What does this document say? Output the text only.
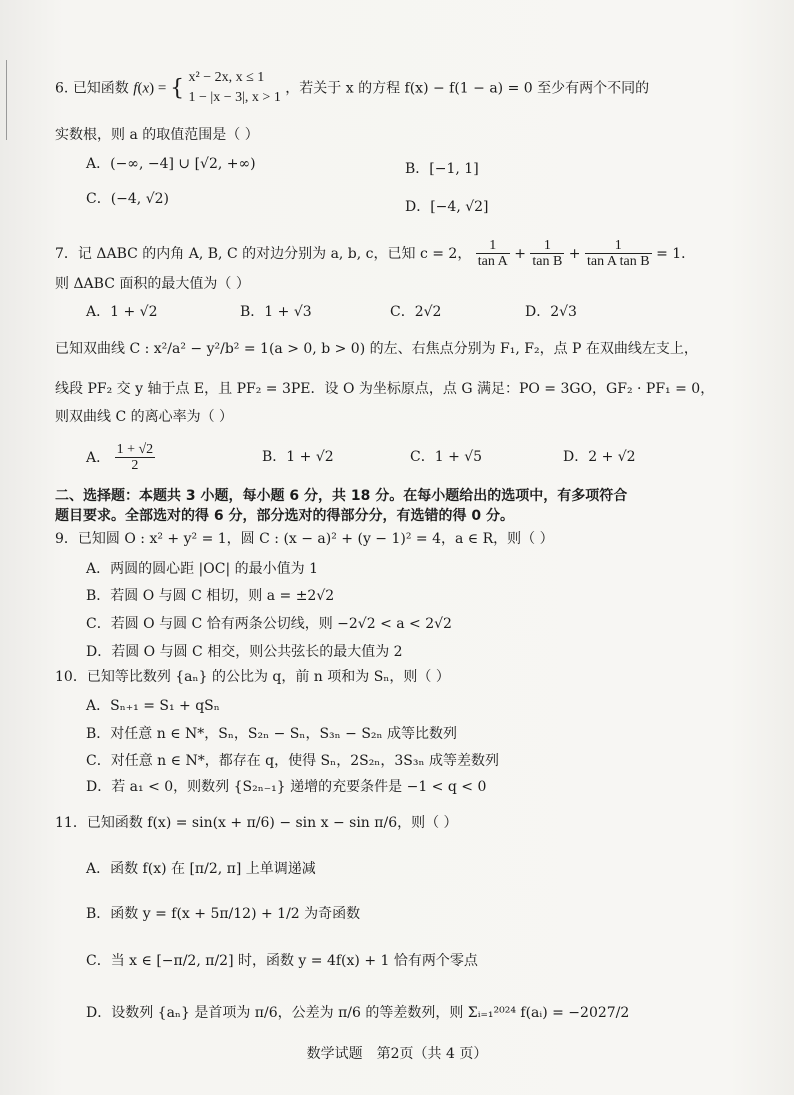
6. 已知函数 f(x) = { x² − 2x, x ≤ 1
1 − |x − 3|, x > 1
，若关于 x 的方程 f(x) − f(1 − a) = 0 至少有两个不同的
实数根，则 a 的取值范围是（ ）
A．(−∞, −4] ∪ [√2, +∞)	B．[−1, 1]
C．(−4, √2)	D．[−4, √2]
7．记 ΔABC 的内角 A, B, C 的对边分别为 a, b, c，已知 c = 2， $\frac{1}{\text{tan A}} + \frac{1}{\text{tan B}} + \frac{1}{\text{tan A tan B}} = 1$．
则 ΔABC 面积的最大值为（ ）
A．1 + √2	B．1 + √3	C．2√2	D．2√3
已知双曲线 C : x²/a² − y²/b² = 1(a > 0, b > 0) 的左、右焦点分别为 F₁, F₂，点 P 在双曲线左支上，
线段 PF₂ 交 y 轴于点 E，且 PF₂ = 3PE．设 O 为坐标原点，点 G 满足：PO = 3GO，GF₂ · PF₁ = 0，
则双曲线 C 的离心率为（ ）
A． $\frac{1 + √2}{2}$	B．1 + √2	C．1 + √5	D．2 + √2
二、选择题：本题共 3 小题，每小题 6 分，共 18 分。在每小题给出的选项中，有多项符合
题目要求。全部选对的得 6 分，部分选对的得部分分，有选错的得 0 分。
9．已知圆 O : x² + y² = 1，圆 C : (x − a)² + (y − 1)² = 4，a ∈ R，则（ ）
A．两圆的圆心距 |OC| 的最小值为 1
B．若圆 O 与圆 C 相切，则 a = ±2√2
C．若圆 O 与圆 C 恰有两条公切线，则 −2√2 < a < 2√2
D．若圆 O 与圆 C 相交，则公共弦长的最大值为 2
10．已知等比数列 {aₙ} 的公比为 q，前 n 项和为 Sₙ，则（ ）
A．Sₙ₊₁ = S₁ + qSₙ
B．对任意 n ∈ N*，Sₙ，S₂ₙ − Sₙ，S₃ₙ − S₂ₙ 成等比数列
C．对任意 n ∈ N*，都存在 q，使得 Sₙ，2S₂ₙ，3S₃ₙ 成等差数列
D．若 a₁ < 0，则数列 {S₂ₙ₋₁} 递增的充要条件是 −1 < q < 0
11．已知函数 f(x) = sin(x + π/6) − sin x − sin π/6，则（ ）
A．函数 f(x) 在 [π/2, π] 上单调递减
B．函数 y = f(x + 5π/12) + 1/2 为奇函数
C．当 x ∈ [−π/2, π/2] 时，函数 y = 4f(x) + 1 恰有两个零点
D．设数列 {aₙ} 是首项为 π/6，公差为 π/6 的等差数列，则 Σᵢ₌₁²⁰²⁴ f(aᵢ) = −2027/2
数学试题　第2页（共 4 页）
